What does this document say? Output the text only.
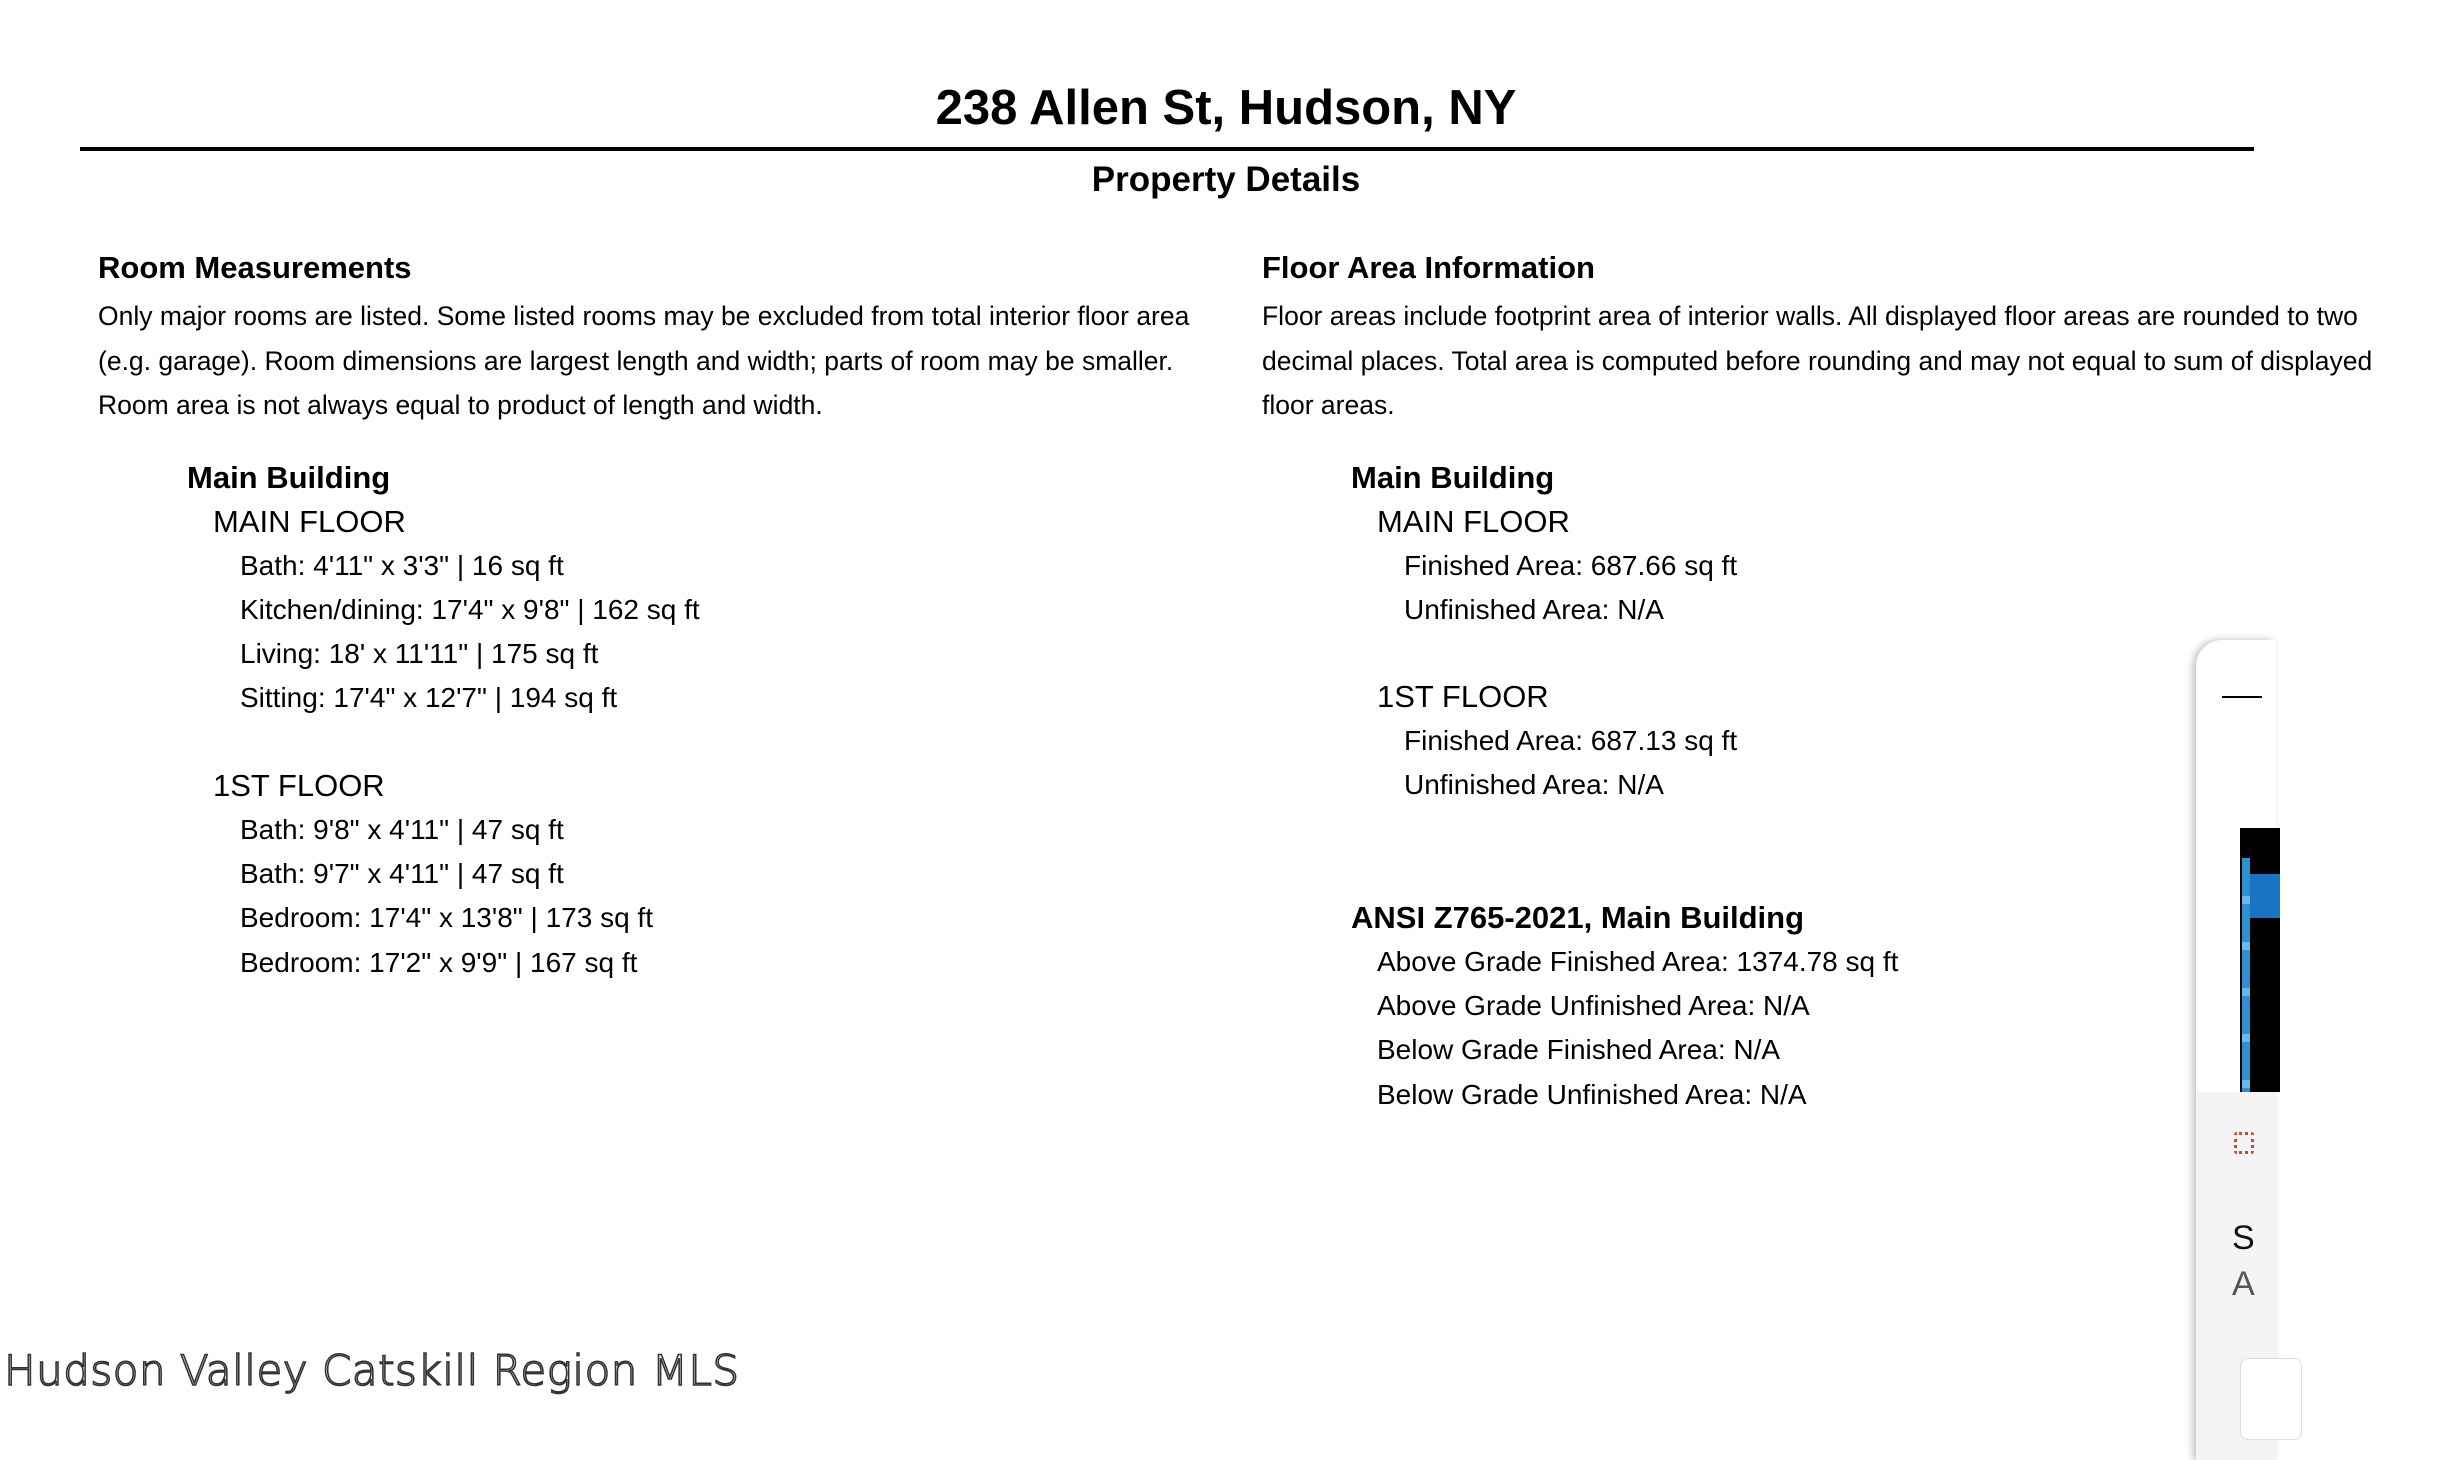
238 Allen St, Hudson, NY
Property Details
Room Measurements
Only major rooms are listed. Some listed rooms may be excluded from total interior floor area
(e.g. garage). Room dimensions are largest length and width; parts of room may be smaller.
Room area is not always equal to product of length and width.
Main Building
MAIN FLOOR
Bath: 4'11" x 3'3" | 16 sq ft
Kitchen/dining: 17'4" x 9'8" | 162 sq ft
Living: 18' x 11'11" | 175 sq ft
Sitting: 17'4" x 12'7" | 194 sq ft
1ST FLOOR
Bath: 9'8" x 4'11" | 47 sq ft
Bath: 9'7" x 4'11" | 47 sq ft
Bedroom: 17'4" x 13'8" | 173 sq ft
Bedroom: 17'2" x 9'9" | 167 sq ft
Floor Area Information
Floor areas include footprint area of interior walls. All displayed floor areas are rounded to two
decimal places. Total area is computed before rounding and may not equal to sum of displayed
floor areas.
Main Building
MAIN FLOOR
Finished Area: 687.66 sq ft
Unfinished Area: N/A
1ST FLOOR
Finished Area: 687.13 sq ft
Unfinished Area: N/A
ANSI Z765-2021, Main Building
Above Grade Finished Area: 1374.78 sq ft
Above Grade Unfinished Area: N/A
Below Grade Finished Area: N/A
Below Grade Unfinished Area: N/A
Hudson Valley Catskill Region MLS
S
A
